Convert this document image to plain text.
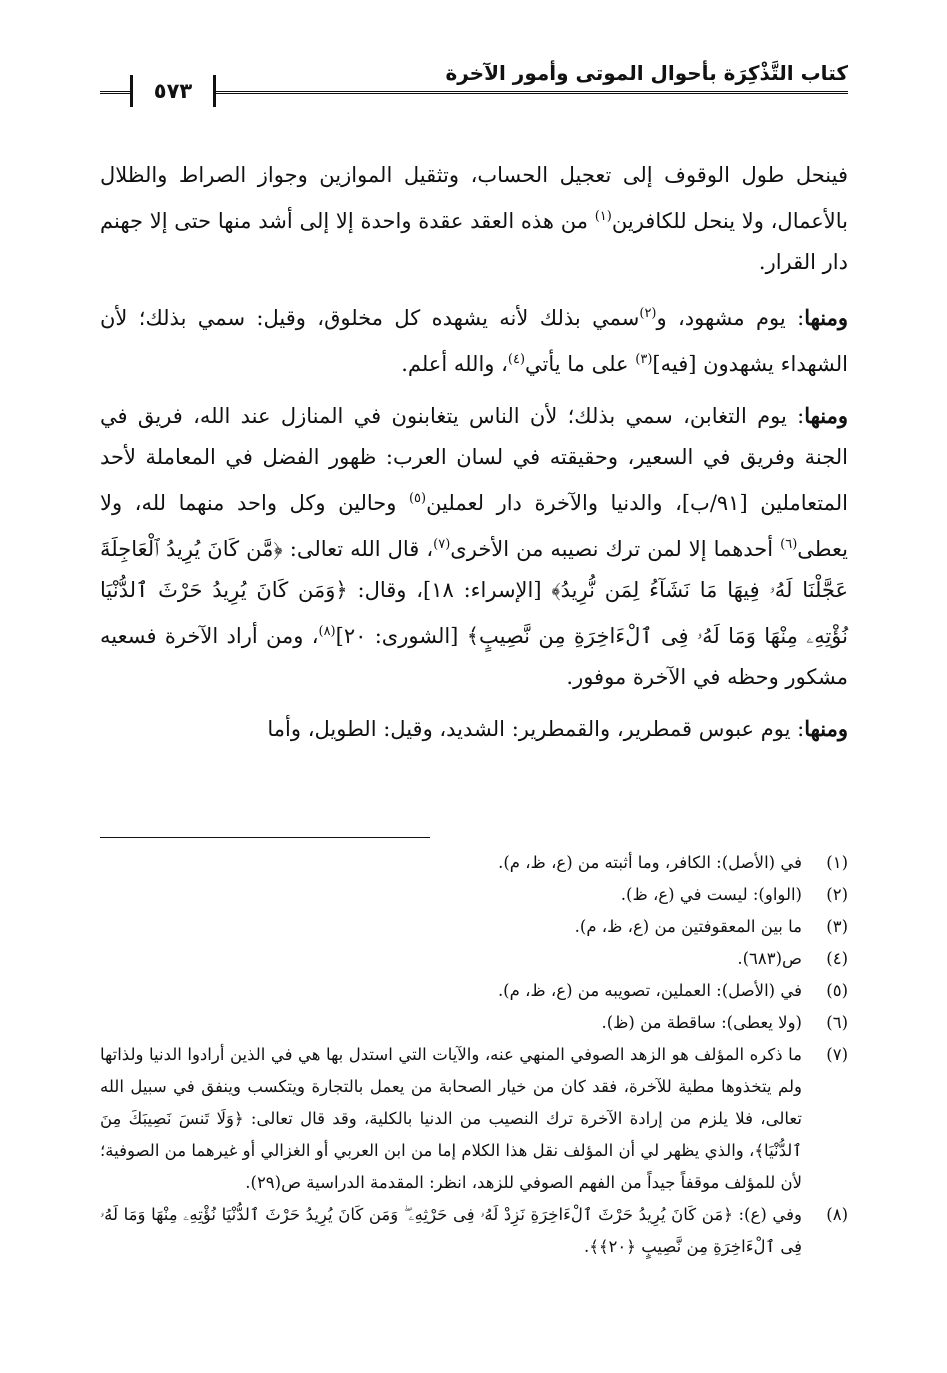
كتاب التَّذْكِرَة بأحوال الموتى وأمور الآخرة
٥٧٣

فينحل طول الوقوف إلى تعجيل الحساب، وتثقيل الموازين وجواز الصراط والظلال بالأعمال، ولا ينحل للكافرين$^{(١)}$ من هذه العقد عقدة واحدة إلا إلى أشد منها حتى إلا جهنم دار القرار.

ومنها: يوم مشهود، و$^{(٢)}$سمي بذلك لأنه يشهده كل مخلوق، وقيل: سمي بذلك؛ لأن الشهداء يشهدون [فيه]$^{(٣)}$ على ما يأتي$^{(٤)}$، والله أعلم.

ومنها: يوم التغابن، سمي بذلك؛ لأن الناس يتغابنون في المنازل عند الله، فريق في الجنة وفريق في السعير، وحقيقته في لسان العرب: ظهور الفضل في المعاملة لأحد المتعاملين [٩١/ب]، والدنيا والآخرة دار لعملين$^{(٥)}$ وحالين وكل واحد منهما لله، ولا يعطى$^{(٦)}$ أحدهما إلا لمن ترك نصيبه من الأخرى$^{(٧)}$، قال الله تعالى: ﴿مَّن كَانَ يُرِيدُ ٱلْعَاجِلَةَ عَجَّلْنَا لَهُۥ فِيهَا مَا نَشَآءُ لِمَن نُّرِيدُ﴾ [الإسراء: ١٨]، وقال: ﴿وَمَن كَانَ يُرِيدُ حَرْثَ ٱلدُّنْيَا نُؤْتِهِۦ مِنْهَا وَمَا لَهُۥ فِى ٱلْءَاخِرَةِ مِن نَّصِيبٍ﴾ [الشورى: ٢٠]$^{(٨)}$، ومن أراد الآخرة فسعيه مشكور وحظه في الآخرة موفور.

ومنها: يوم عبوس قمطرير، والقمطرير: الشديد، وقيل: الطويل، وأما

(١)
في (الأصل): الكافر، وما أثبته من (ع، ظ، م).
(٢)
(الواو): ليست في (ع، ظ).
(٣)
ما بين المعقوفتين من (ع، ظ، م).
(٤)
ص(٦٨٣).
(٥)
في (الأصل): العملين، تصويبه من (ع، ظ، م).
(٦)
(ولا يعطى): ساقطة من (ظ).
(٧)
ما ذكره المؤلف هو الزهد الصوفي المنهي عنه، والآيات التي استدل بها هي في الذين أرادوا الدنيا ولذاتها ولم يتخذوها مطية للآخرة، فقد كان من خيار الصحابة من يعمل بالتجارة ويتكسب وينفق في سبيل الله تعالى، فلا يلزم من إرادة الآخرة ترك النصيب من الدنيا بالكلية، وقد قال تعالى: ﴿وَلَا تَنسَ نَصِيبَكَ مِنَ ٱلدُّنْيَا﴾، والذي يظهر لي أن المؤلف نقل هذا الكلام إما من ابن العربي أو الغزالي أو غيرهما من الصوفية؛ لأن للمؤلف موقفاً جيداً من الفهم الصوفي للزهد، انظر: المقدمة الدراسية ص(٢٩).
(٨)
وفي (ع): ﴿مَن كَانَ يُرِيدُ حَرْثَ ٱلْءَاخِرَةِ نَزِدْ لَهُۥ فِى حَرْثِهِۦ ۖ وَمَن كَانَ يُرِيدُ حَرْثَ ٱلدُّنْيَا نُؤْتِهِۦ مِنْهَا وَمَا لَهُۥ فِى ٱلْءَاخِرَةِ مِن نَّصِيبٍ ﴿٢٠﴾﴾.
